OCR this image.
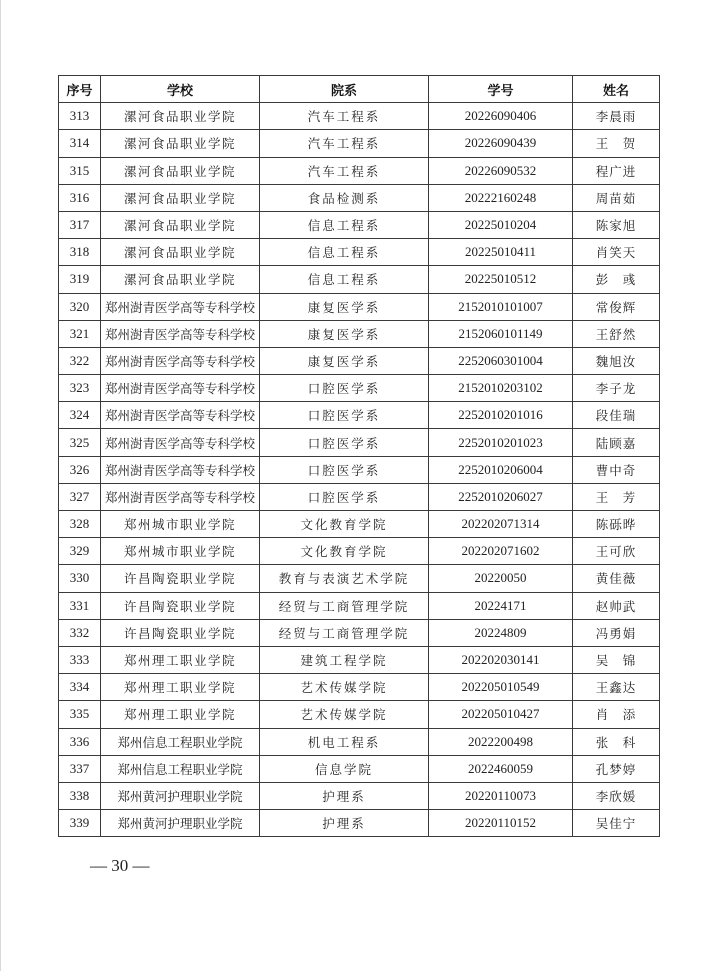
序号	学校	院系	学号	姓名
313	漯河食品职业学院	汽车工程系	20226090406	李晨雨
314	漯河食品职业学院	汽车工程系	20226090439	王　贺
315	漯河食品职业学院	汽车工程系	20226090532	程广进
316	漯河食品职业学院	食品检测系	20222160248	周苗茹
317	漯河食品职业学院	信息工程系	20225010204	陈家旭
318	漯河食品职业学院	信息工程系	20225010411	肖笑天
319	漯河食品职业学院	信息工程系	20225010512	彭　彧
320	郑州澍青医学高等专科学校	康复医学系	2152010101007	常俊辉
321	郑州澍青医学高等专科学校	康复医学系	2152060101149	王舒然
322	郑州澍青医学高等专科学校	康复医学系	2252060301004	魏旭汝
323	郑州澍青医学高等专科学校	口腔医学系	2152010203102	李子龙
324	郑州澍青医学高等专科学校	口腔医学系	2252010201016	段佳瑞
325	郑州澍青医学高等专科学校	口腔医学系	2252010201023	陆顾嘉
326	郑州澍青医学高等专科学校	口腔医学系	2252010206004	曹中奇
327	郑州澍青医学高等专科学校	口腔医学系	2252010206027	王　芳
328	郑州城市职业学院	文化教育学院	202202071314	陈砾晔
329	郑州城市职业学院	文化教育学院	202202071602	王可欣
330	许昌陶瓷职业学院	教育与表演艺术学院	20220050	黄佳薇
331	许昌陶瓷职业学院	经贸与工商管理学院	20224171	赵帅武
332	许昌陶瓷职业学院	经贸与工商管理学院	20224809	冯勇娟
333	郑州理工职业学院	建筑工程学院	202202030141	吴　锦
334	郑州理工职业学院	艺术传媒学院	202205010549	王鑫达
335	郑州理工职业学院	艺术传媒学院	202205010427	肖　添
336	郑州信息工程职业学院	机电工程系	2022200498	张　科
337	郑州信息工程职业学院	信息学院	2022460059	孔梦婷
338	郑州黄河护理职业学院	护理系	20220110073	李欣媛
339	郑州黄河护理职业学院	护理系	20220110152	吴佳宁
— 30 —
